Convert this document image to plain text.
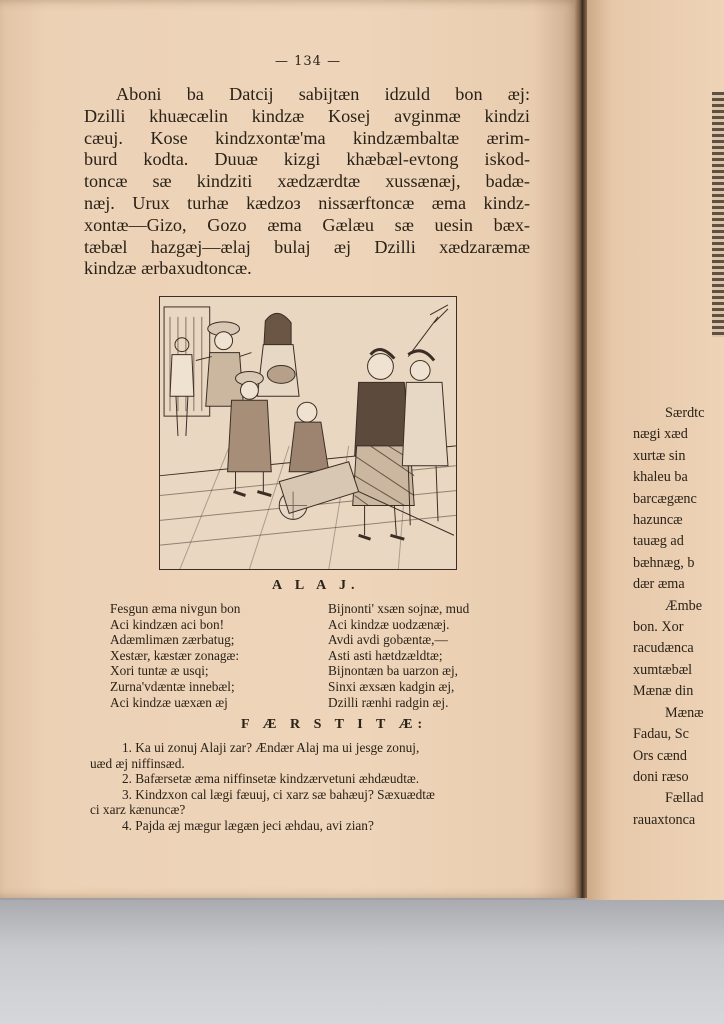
— 134 —
Aboni ba Datcij sabijtæn idzuld bon æj:
Dzilli khuæcælin kindzæ Kosej avginmæ kindzi
cæuj. Kose kindzxontæ'ma kindzæmbaltæ ærim-
burd kodta. Duuæ kizgi khæbæl-evtong iskod-
toncæ sæ kindziti xædzærdtæ xussænæj, badæ-
næj. Urux turhæ kædzoз nissærftoncæ æma kindz-
xontæ—Gizo, Gozo æma Gælæu sæ uesin bæx-
tæbæl hazgæj—ælaj bulaj æj Dzilli xædzaræmæ
kindzæ ærbaxudtoncæ.
A L A J.
Fesgun æma nivgun bon
Aci kindzæn aci bon!
Adæmlimæn zærbatug;
Xestær, kæstær zonagæ:
Xori tuntæ æ usqi;
Zurna'vdæntæ innebæl;
Aci kindzæ uæxæn æj
Bijnonti' xsæn sojnæ, mud
Aci kindzæ uodzænæj.
Avdi avdi gobæntæ,—
Asti asti hætdzældtæ;
Bijnontæn ba uarzon æj,
Sinxi æxsæn kadgin æj,
Dzilli rænhi radgin æj.
F Æ R S T I T Æ:
1. Ka ui zonuj Alaji zar? Ændær Alaj ma ui jesge zonuj,
uæd æj niffinsæd.
2. Bafærsetæ æma niffinsetæ kindzærvetuni æhdæudtæ.
3. Kindzxon cal lægi fæuuj, ci xarz sæ bahæuj? Sæxuædtæ
ci xarz kænuncæ?
4. Pajda æj mægur lægæn jeci æhdau, avi zian?
Særdtc
nægi xæd
xurtæ sin
khaleu ba
barcægænc
hazuncæ
tauæg ad
bæhnæg, b
dær æma
Æmbe
bon. Xor
racudænca
xumtæbæl
Mænæ din
Mænæ
Fadau, Sc
Ors cænd
doni ræso
Fællad
rauaxtonca
